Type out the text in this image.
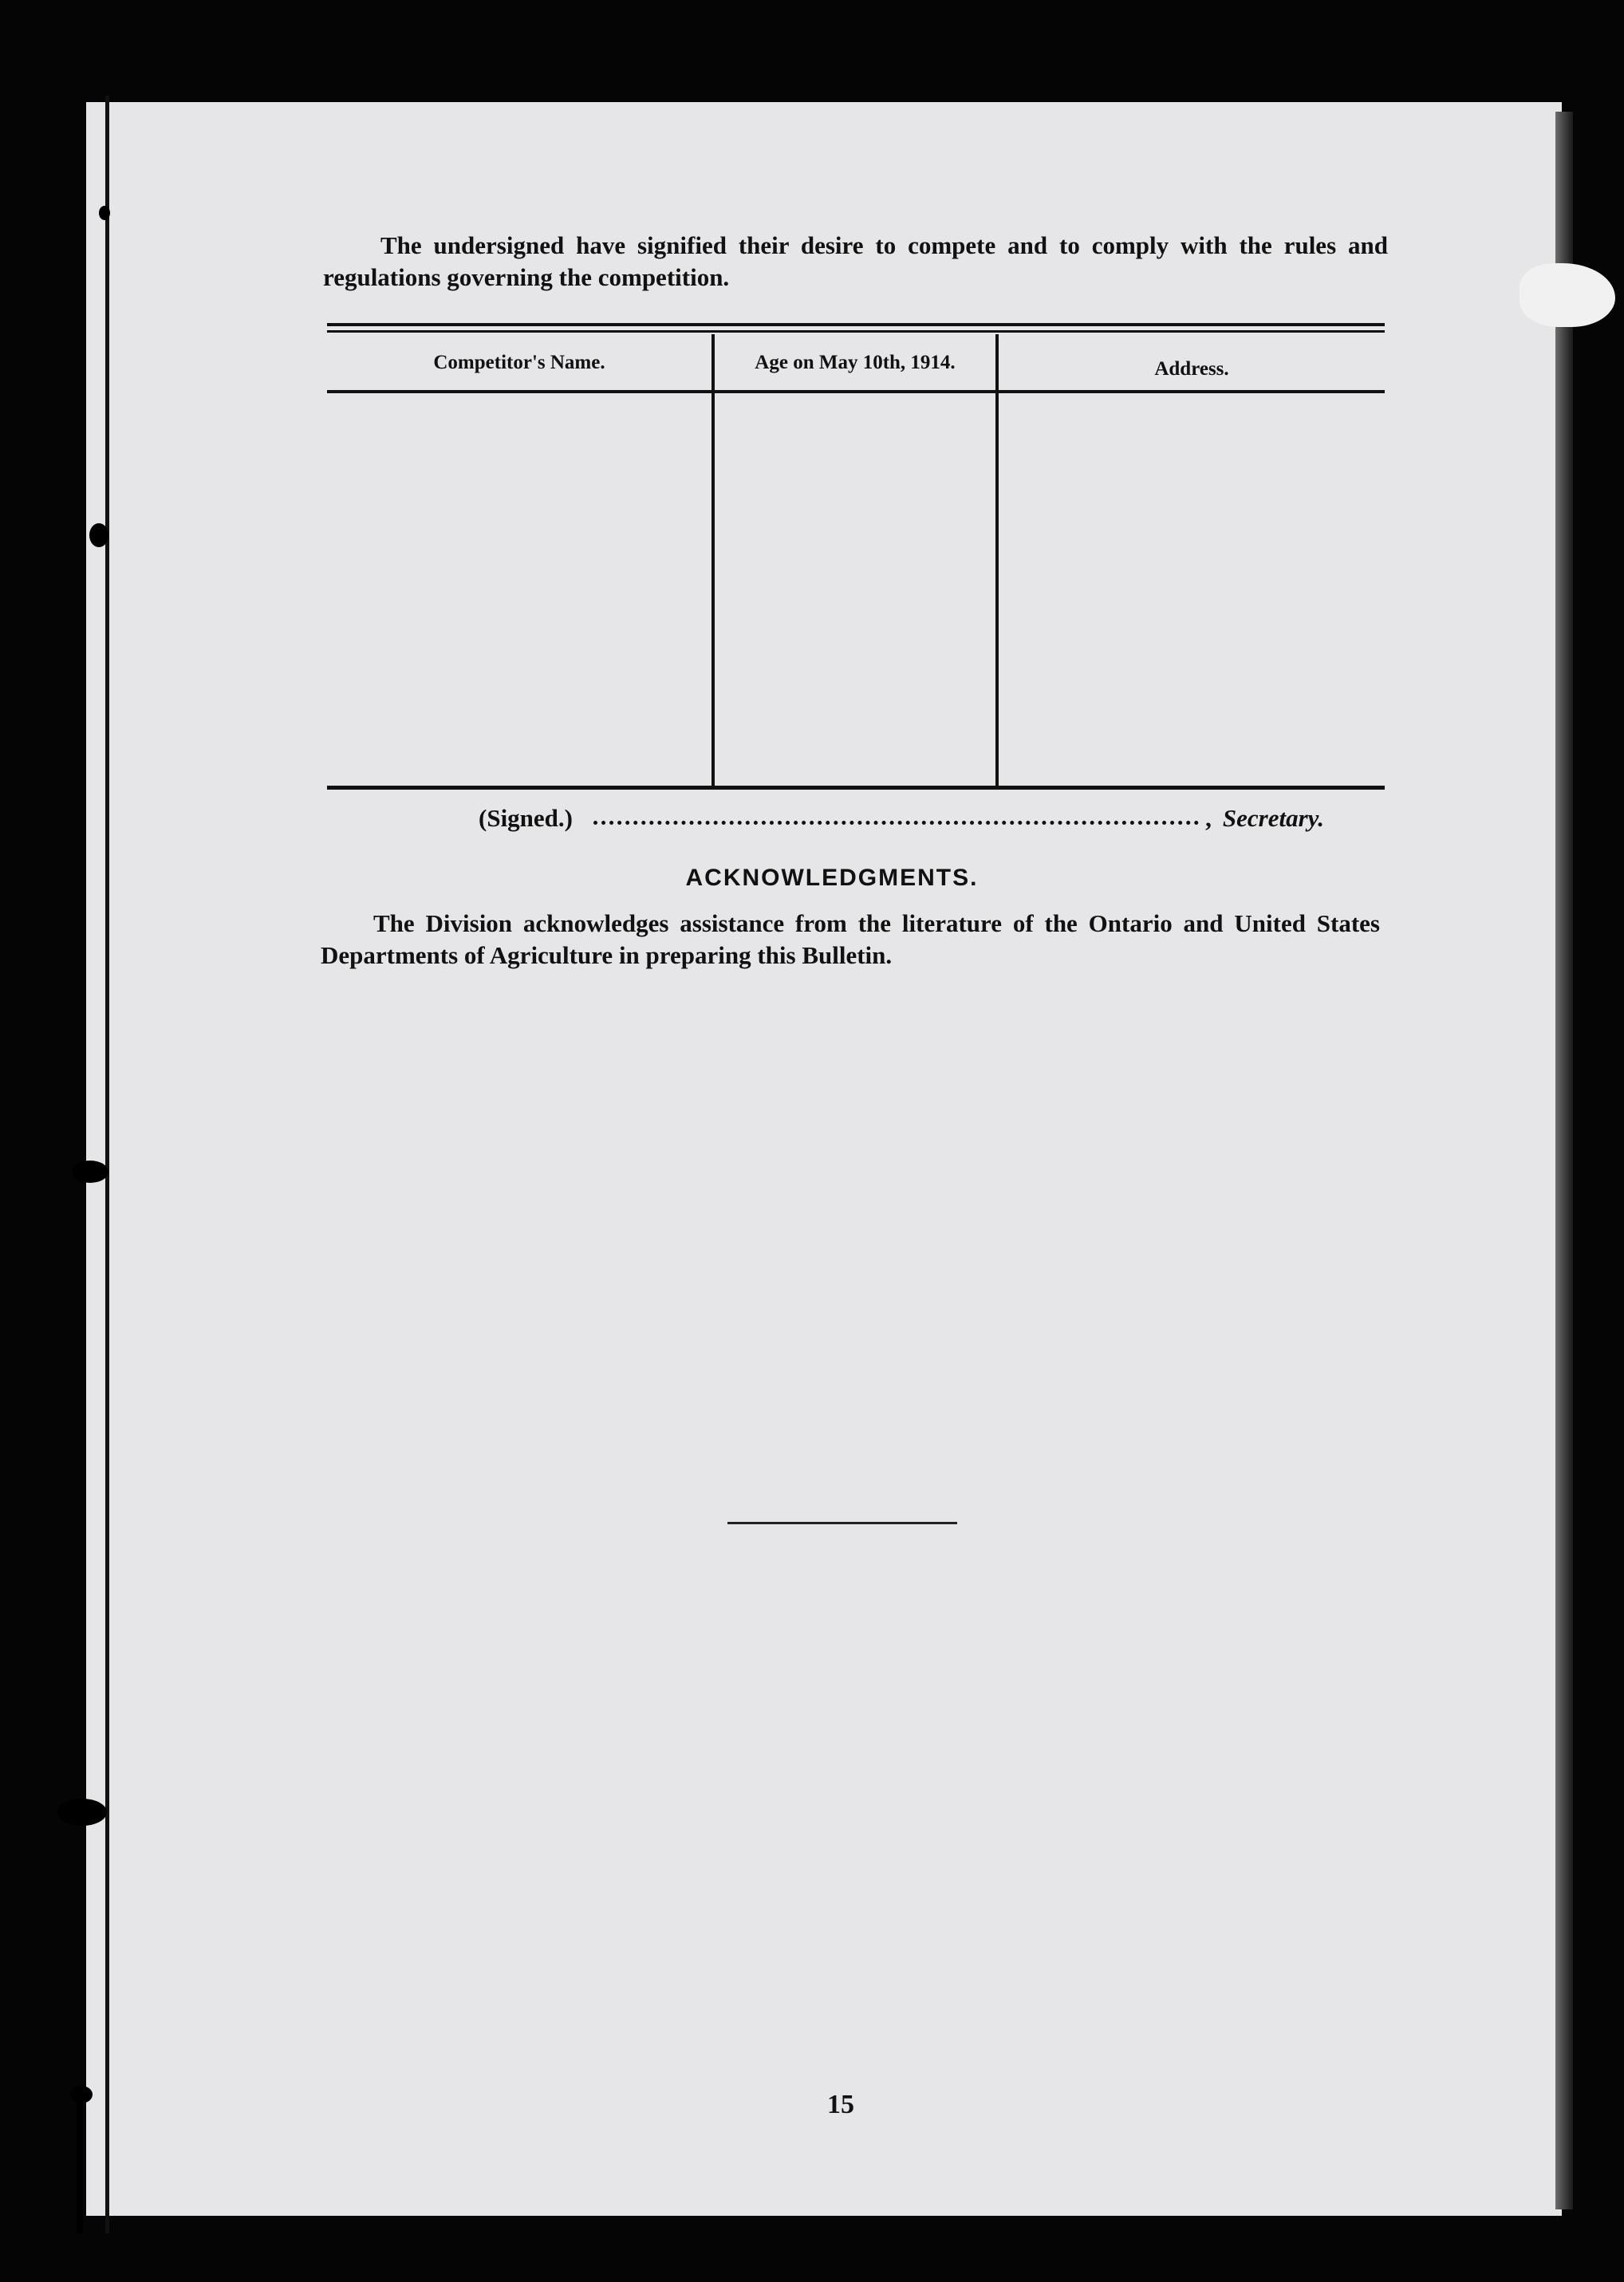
The undersigned have signified their desire to compete and to comply with the rules and regulations governing the competition.

Competitor's Name.	Age on May 10th, 1914.	Address.
(Signed.)	, Secretary.
ACKNOWLEDGMENTS.

The Division acknowledges assistance from the literature of the Ontario and United States Departments of Agriculture in preparing this Bulletin.

15
